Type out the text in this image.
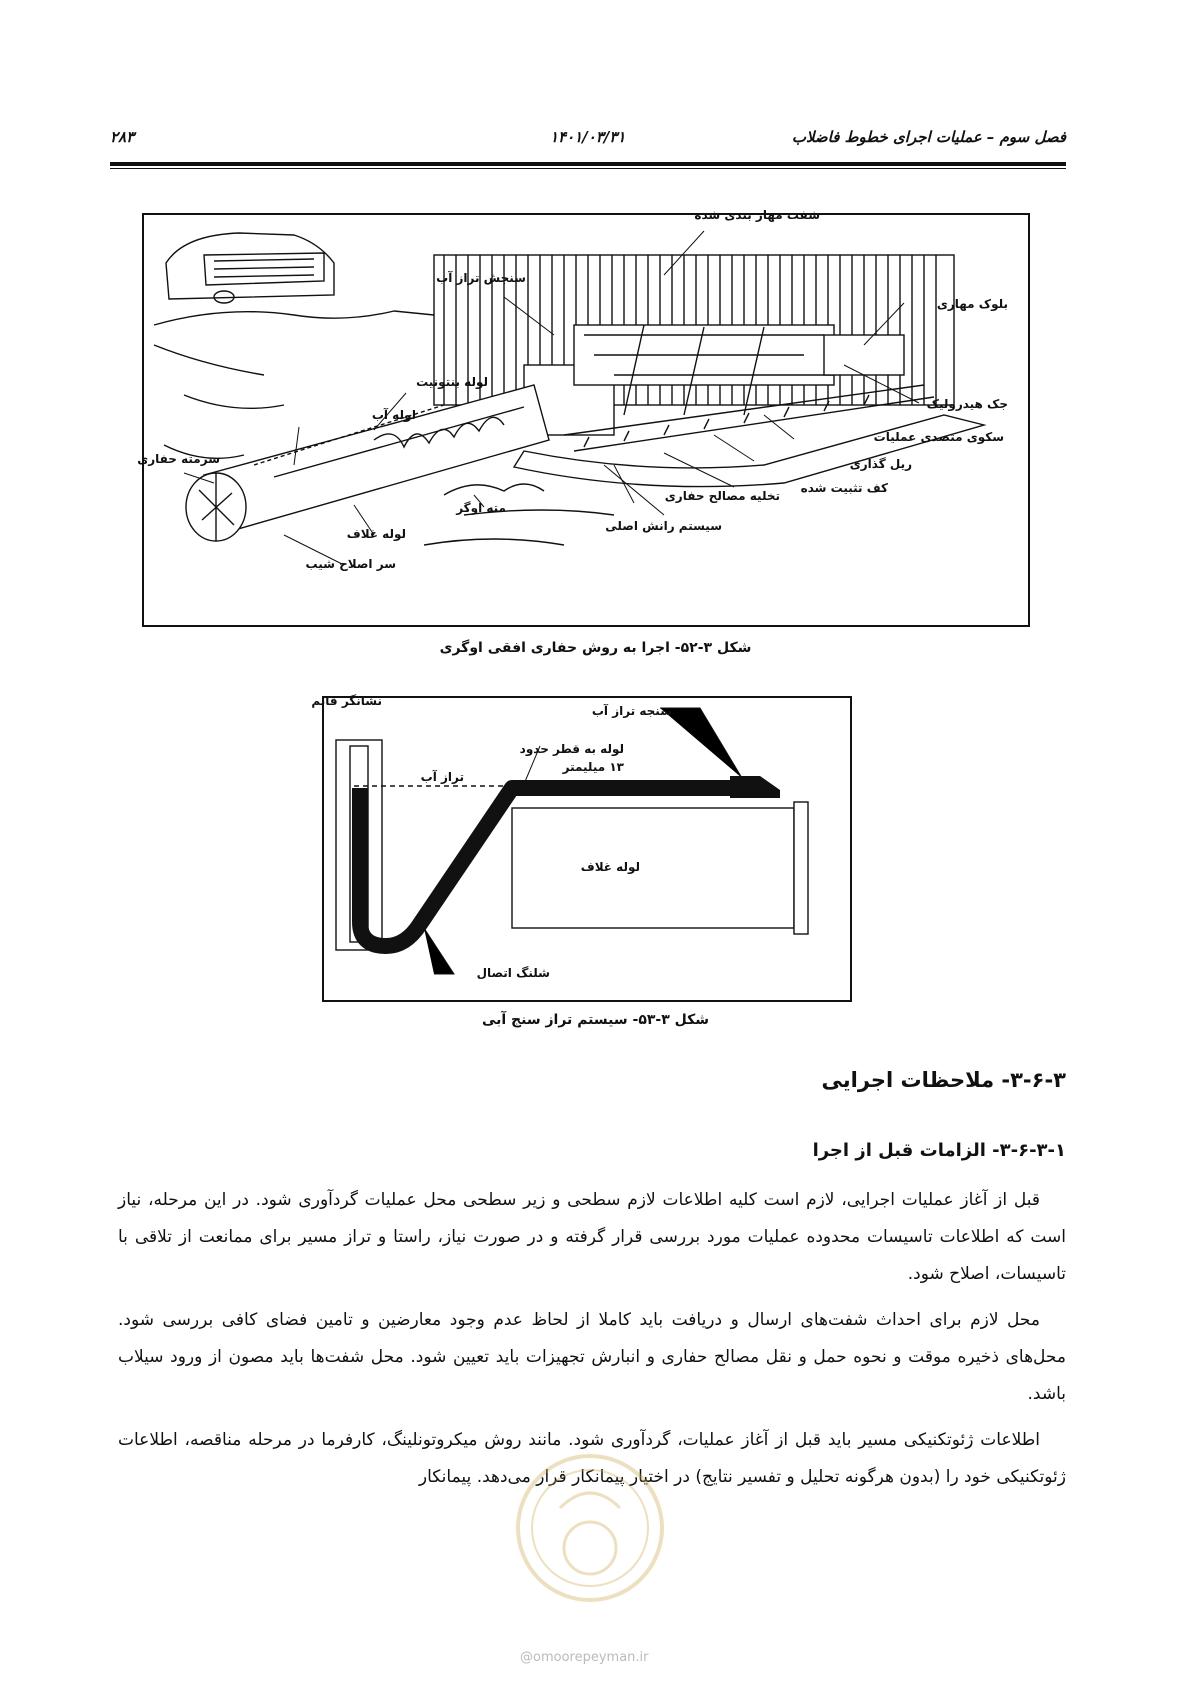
فصل سوم – عملیات اجرای خطوط فاضلاب
۱۴۰۱/۰۳/۳۱
۲۸۳
شفت مهار بندی شده
سنجش تراز آب
بلوک مهاری
لوله بنتونیت
جک هیدرولیک
لوله آب
سکوی متصدی عملیات
سرمته حفاری	ریل گذاری
کف تثبیت شده
تخلیه مصالح حفاری
مته اوگر
سیستم رانش اصلی
لوله غلاف
سر اصلاح شیب
شکل ۳-۵۲- اجرا به روش حفاری افقی اوگری
نشانگر قائم
سنجه تراز آب
لوله به قطر حدود
۱۳ میلیمتر
تراز آب
لوله غلاف
شلنگ اتصال
شکل ۳-۵۳- سیستم تراز سنج آبی
۳-۶-۳- ملاحظات اجرایی
۳-۶-۳-۱- الزامات قبل از اجرا

قبل از آغاز عملیات اجرایی، لازم است کلیه اطلاعات لازم سطحی و زیر سطحی محل عملیات گردآوری شود. در این مرحله، نیاز است که اطلاعات تاسیسات محدوده عملیات مورد بررسی قرار گرفته و در صورت نیاز، راستا و تراز مسیر برای ممانعت از تلاقی با تاسیسات، اصلاح شود.

محل لازم برای احداث شفت‌های ارسال و دریافت باید کاملا از لحاظ عدم وجود معارضین و تامین فضای کافی بررسی شود. محل‌های ذخیره موقت و نحوه حمل و نقل مصالح حفاری و انبارش تجهیزات باید تعیین شود. محل شفت‌ها باید مصون از ورود سیلاب باشد.

اطلاعات ژئوتکنیکی مسیر باید قبل از آغاز عملیات، گردآوری شود. مانند روش میکروتونلینگ، کارفرما در مرحله مناقصه، اطلاعات ژئوتکنیکی خود را (بدون هرگونه تحلیل و تفسیر نتایج) در اختیار پیمانکار قرار می‌دهد. پیمانکار

@omoorepeyman.ir
